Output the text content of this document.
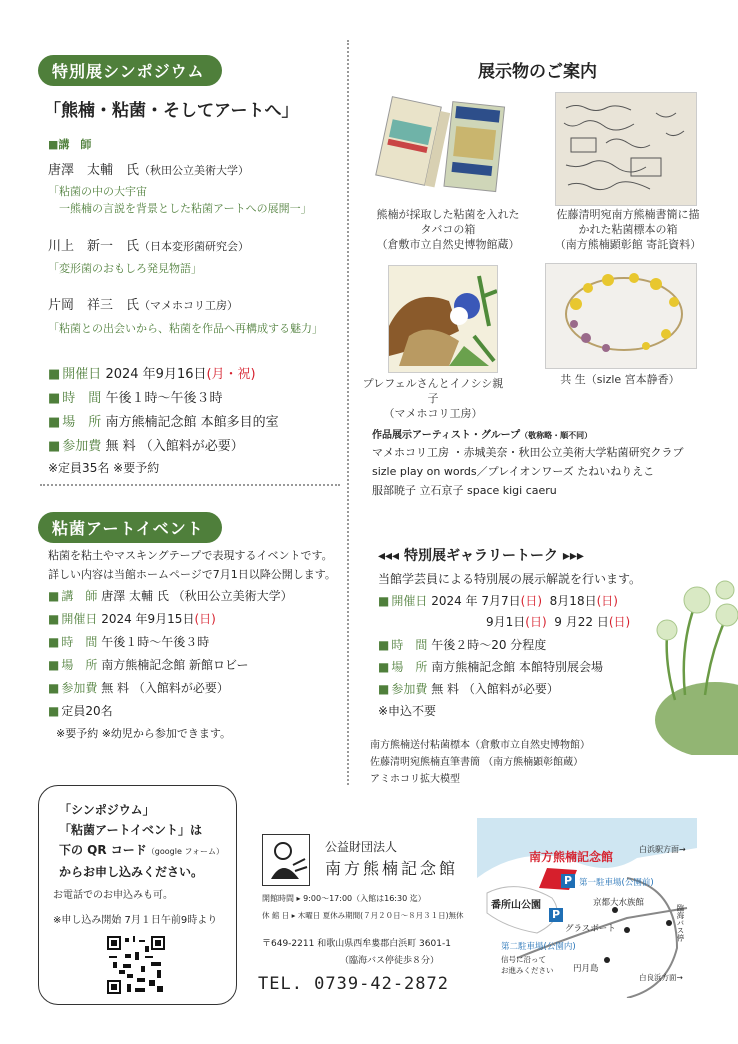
特別展シンポジウム
「熊楠・粘菌・そしてアートへ」
■講　師
唐澤　太輔　氏（秋田公立美術大学）
「粘菌の中の大宇宙
　一熊楠の言説を背景とした粘菌アートへの展開一」
川上　新一　氏（日本変形菌研究会）
「変形菌のおもしろ発見物語」
片岡　祥三　氏（マメホコリ工房）
「粘菌との出会いから、粘菌を作品へ再構成する魅力」
■ 開催日 2024 年9月16日(月・祝)
■ 時　間 午後１時〜午後３時
■ 場　所 南方熊楠記念館 本館多目的室
■ 参加費 無 料 （入館料が必要）
※定員35名 ※要予約
粘菌アートイベント
粘菌を粘土やマスキングテープで表現するイベントです。
詳しい内容は当館ホームページで7月1日以降公開します。
■ 講　師 唐澤 太輔 氏 （秋田公立美術大学）
■ 開催日 2024 年9月15日(日)
■ 時　間 午後１時〜午後３時
■ 場　所 南方熊楠記念館 新館ロビー
■ 参加費 無 料 （入館料が必要）
■ 定員20名
※要予約 ※幼児から参加できます。
展示物のご案内
熊楠が採取した粘菌を入れた
タバコの箱
（倉敷市立自然史博物館蔵）
佐藤清明宛南方熊楠書簡に描
かれた粘菌標本の箱
（南方熊楠顕彰館 寄託資料）
プレフェルさんとイノシシ親子
（マメホコリ工房）
共 生（sizle 宮本静香）
作品展示アーティスト・グループ（敬称略・順不同）
マメホコリ工房 ・赤城美奈・秋田公立美術大学粘菌研究クラブ
sizle play on words／プレイオンワーズ たねいねりえこ
服部暁子 立石京子 space kigi caeru
◂◂◂ 特別展ギャラリートーク ▸▸▸
当館学芸員による特別展の展示解説を行います。
■ 開催日 2024 年 7月7日(日) 8月18日(日)
9月1日(日) 9 月22 日(日)
■ 時　間 午後２時〜20 分程度
■ 場　所 南方熊楠記念館 本館特別展会場
■ 参加費 無 料 （入館料が必要）
※申込不要
南方熊楠送付粘菌標本（倉敷市立自然史博物館）
佐藤清明宛熊楠直筆書簡 （南方熊楠顕彰館蔵）
アミホコリ拡大模型
「シンポジウム」
「粘菌アートイベント」は
下の QR コード（google フォーム）
からお申し込みください。
お電話でのお申込みも可。
※申し込み開始 7月１日午前9時より
公益財団法人
南方熊楠記念館
開館時間 ▸ 9:00〜17:00（入館は16:30 迄）
休 館 日 ▸ 木曜日 夏休み期間(７月２０日〜８月３１日)無休
〒649-2211 和歌山県西牟婁郡白浜町 3601-1
（臨海バス停徒歩８分）
TEL. 0739-42-2872
南方熊楠記念館
白浜駅方面→
P 第一駐車場(公園前)
番所山公園	京都大水族館
P
グラスボート
第二駐車場(公園内)
信号に沿って
お進みください 円月島
白良浜方面→
臨海バス停
